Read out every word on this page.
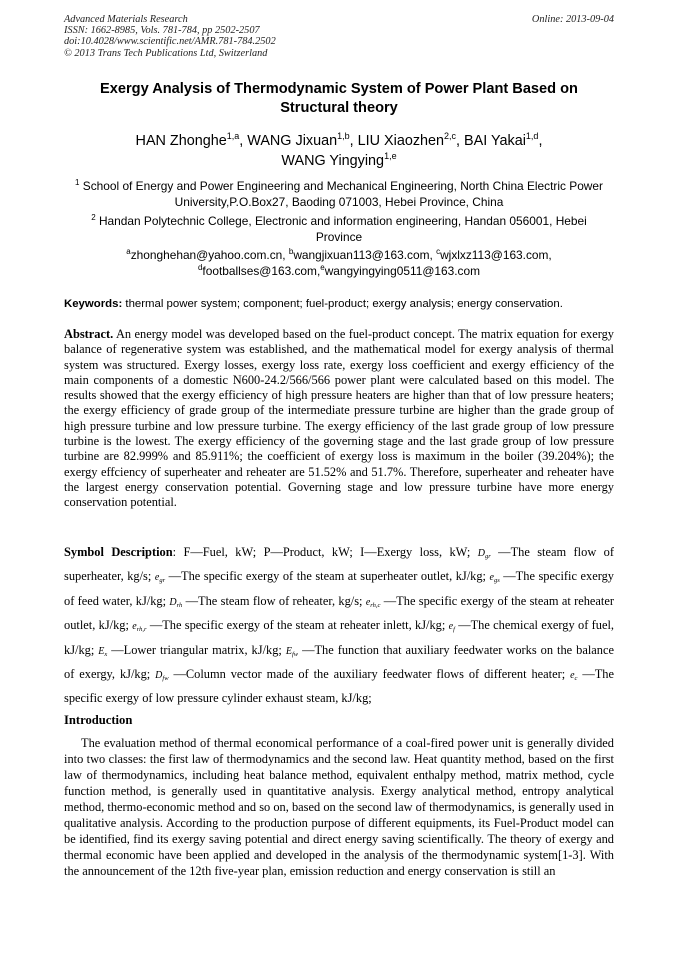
Advanced Materials Research
ISSN: 1662-8985, Vols. 781-784, pp 2502-2507
doi:10.4028/www.scientific.net/AMR.781-784.2502
© 2013 Trans Tech Publications Ltd, Switzerland
Online: 2013-09-04
Exergy Analysis of Thermodynamic System of Power Plant Based on
Structural theory
HAN Zhonghe$^{1,a}$, WANG Jixuan$^{1,b}$, LIU Xiaozhen$^{2,c}$, BAI Yakai$^{1,d}$,
WANG Yingying$^{1,e}$
$^1$ School of Energy and Power Engineering and Mechanical Engineering, North China Electric Power
University,P.O.Box27, Baoding 071003, Hebei Province, China
$^2$ Handan Polytechnic College, Electronic and information engineering, Handan 056001, Hebei
Province
$^a$zhonghehan@yahoo.com.cn, $^b$wangjixuan113@163.com, $^c$wjxlxz113@163.com,
$^d$footballses@163.com,$^e$wangyingying0511@163.com
Keywords: thermal power system; component; fuel-product; exergy analysis; energy conservation.
Abstract. An energy model was developed based on the fuel-product concept. The matrix equation for exergy balance of regenerative system was established, and the mathematical model for exergy analysis of thermal system was structured. Exergy losses, exergy loss rate, exergy loss coefficient and exergy efficiency of the main components of a domestic N600-24.2/566/566 power plant were calculated based on this model. The results showed that the exergy efficiency of high pressure heaters are higher than that of low pressure heaters; the exergy efficiency of grade group of the intermediate pressure turbine are higher than the grade group of high pressure turbine and low pressure turbine. The exergy efficiency of the last grade group of low pressure turbine is the lowest. The exergy efficiency of the governing stage and the last grade group of low pressure turbine are 82.999% and 85.911%; the coefficient of exergy loss is maximum in the boiler (39.204%); the exergy effciency of superheater and reheater are 51.52% and 51.7%. Therefore, superheater and reheater have the largest energy conservation potential. Governing stage and low pressure turbine have more energy conservation potential.
Symbol Description: F—Fuel, kW; P—Product, kW; I—Exergy loss, kW; $D_{gr}$ —The steam flow of superheater, kg/s; $e_{gr}$ —The specific exergy of the steam at superheater outlet, kJ/kg; $e_{gs}$ —The specific exergy of feed water, kJ/kg; $D_{rh}$ —The steam flow of reheater, kg/s; $e_{rh,c}$ —The specific exergy of the steam at reheater outlet, kJ/kg; $e_{rh,r}$ —The specific exergy of the steam at reheater inlett, kJ/kg; $e_f$ —The chemical exergy of fuel, kJ/kg; $E_x$ —Lower triangular matrix, kJ/kg; $E_{fw}$ —The function that auxiliary feedwater works on the balance of exergy, kJ/kg; $D_{fw}$ —Column vector made of the auxiliary feedwater flows of different heater; $e_c$ —The specific exergy of low pressure cylinder exhaust steam, kJ/kg;
Introduction
The evaluation method of thermal economical performance of a coal-fired power unit is generally divided into two classes: the first law of thermodynamics and the second law. Heat quantity method, based on the first law of thermodynamics, including heat balance method, equivalent enthalpy method, matrix method, cycle function method, is generally used in quantitative analysis. Exergy analytical method, entropy analytical method, thermo-economic method and so on, based on the second law of thermodynamics, is generally used in qualitative analysis. According to the production purpose of different equipments, its Fuel-Product model can be identified, find its exergy saving potential and direct energy saving scientifically. The theory of exergy and thermal economic have been applied and developed in the analysis of the thermodynamic system[1-3]. With the announcement of the 12th five-year plan, emission reduction and energy conservation is still an
